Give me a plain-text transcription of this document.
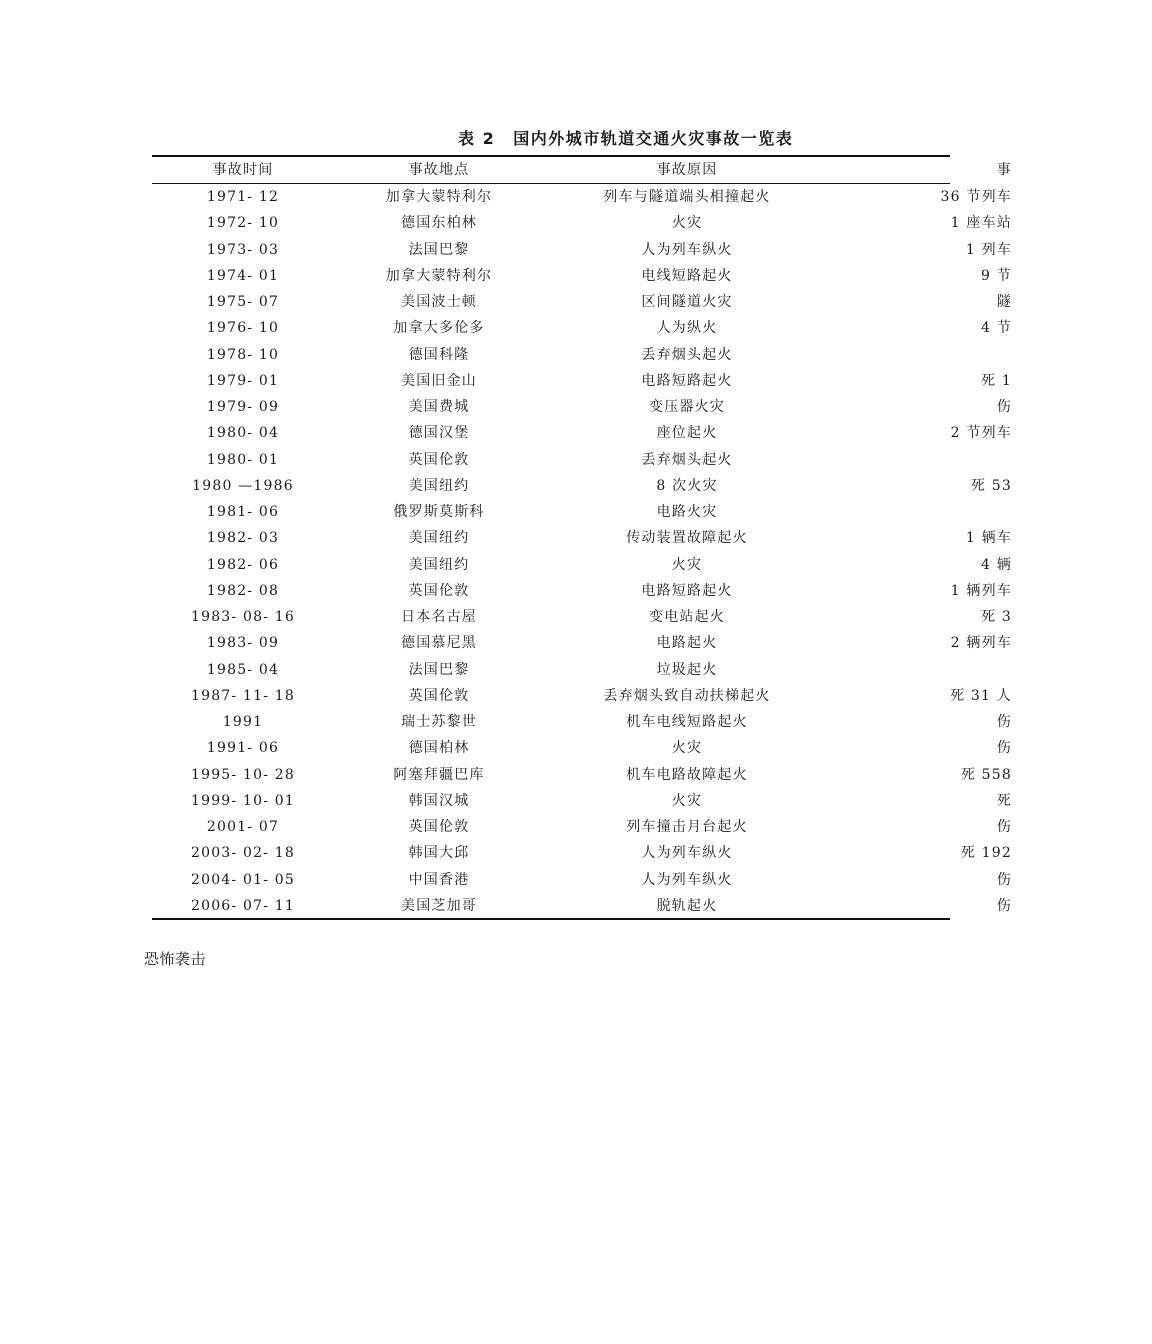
表 2 国内外城市轨道交通火灾事故一览表
事故时间	事故地点	事故原因	事
1971- 12	加拿大蒙特利尔	列车与隧道端头相撞起火	36 节列车
1972- 10	德国东柏林	火灾	1 座车站
1973- 03	法国巴黎	人为列车纵火	1 列车
1974- 01	加拿大蒙特利尔	电线短路起火	9 节
1975- 07	美国波士顿	区间隧道火灾	隧
1976- 10	加拿大多伦多	人为纵火	4 节
1978- 10	德国科隆	丢弃烟头起火
1979- 01	美国旧金山	电路短路起火	死 1
1979- 09	美国费城	变压器火灾	伤
1980- 04	德国汉堡	座位起火	2 节列车
1980- 01	英国伦敦	丢弃烟头起火
1980 —1986	美国纽约	8 次火灾	死 53
1981- 06	俄罗斯莫斯科	电路火灾
1982- 03	美国纽约	传动装置故障起火	1 辆车
1982- 06	美国纽约	火灾	4 辆
1982- 08	英国伦敦	电路短路起火	1 辆列车
1983- 08- 16	日本名古屋	变电站起火	死 3
1983- 09	德国慕尼黑	电路起火	2 辆列车
1985- 04	法国巴黎	垃圾起火
1987- 11- 18	英国伦敦	丢弃烟头致自动扶梯起火	死 31 人
1991	瑞士苏黎世	机车电线短路起火	伤
1991- 06	德国柏林	火灾	伤
1995- 10- 28	阿塞拜疆巴库	机车电路故障起火	死 558
1999- 10- 01	韩国汉城	火灾	死
2001- 07	英国伦敦	列车撞击月台起火	伤
2003- 02- 18	韩国大邱	人为列车纵火	死 192
2004- 01- 05	中国香港	人为列车纵火	伤
2006- 07- 11	美国芝加哥	脱轨起火	伤
恐怖袭击
